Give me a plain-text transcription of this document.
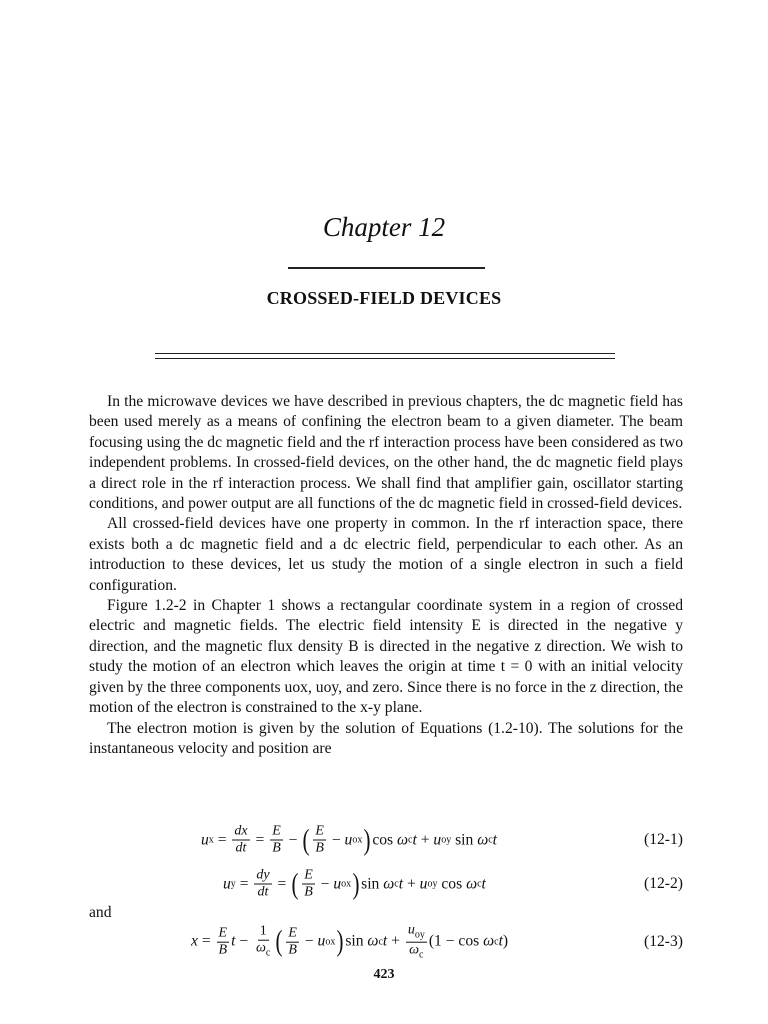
Chapter 12
CROSSED-FIELD DEVICES

In the microwave devices we have described in previous chapters, the dc magnetic field has been used merely as a means of confining the electron beam to a given diameter. The beam focusing using the dc magnetic field and the rf interaction process have been considered as two independent problems. In crossed-field devices, on the other hand, the dc magnetic field plays a direct role in the rf interaction process. We shall find that amplifier gain, oscillator starting conditions, and power output are all functions of the dc magnetic field in crossed-field devices.

All crossed-field devices have one property in common. In the rf interaction space, there exists both a dc magnetic field and a dc electric field, perpendicular to each other. As an introduction to these devices, let us study the motion of a single electron in such a field configuration.

Figure 1.2-2 in Chapter 1 shows a rectangular coordinate system in a region of crossed electric and magnetic fields. The electric field intensity E is directed in the negative y direction, and the magnetic flux density B is directed in the negative z direction. We wish to study the motion of an electron which leaves the origin at time t = 0 with an initial velocity given by the three components uox, uoy, and zero. Since there is no force in the z direction, the motion of the electron is constrained to the x-y plane.

The electron motion is given by the solution of Equations (1.2-10). The solutions for the instantaneous velocity and position are

u $x = \frac{dx}{dt} = \frac{E}{B}$ − ( $\frac{E}{B} - u$ ox ) cos ω c t + u oy sin ω c t	(12-1)
u $y = \frac{dy}{dt}$ = ( $\frac{E}{B} - u$ ox ) sin ω c t + u oy cos ω c t	(12-2)
and
$x = \frac{E}{B}$ $t - \frac{1}{\omega_c}$ ( $\frac{E}{B} - u$ ox ) sin ω c $t + \frac{u_{oy}}{\omega_c} (1 - \cos \omega$ c t )	(12-3)
423
